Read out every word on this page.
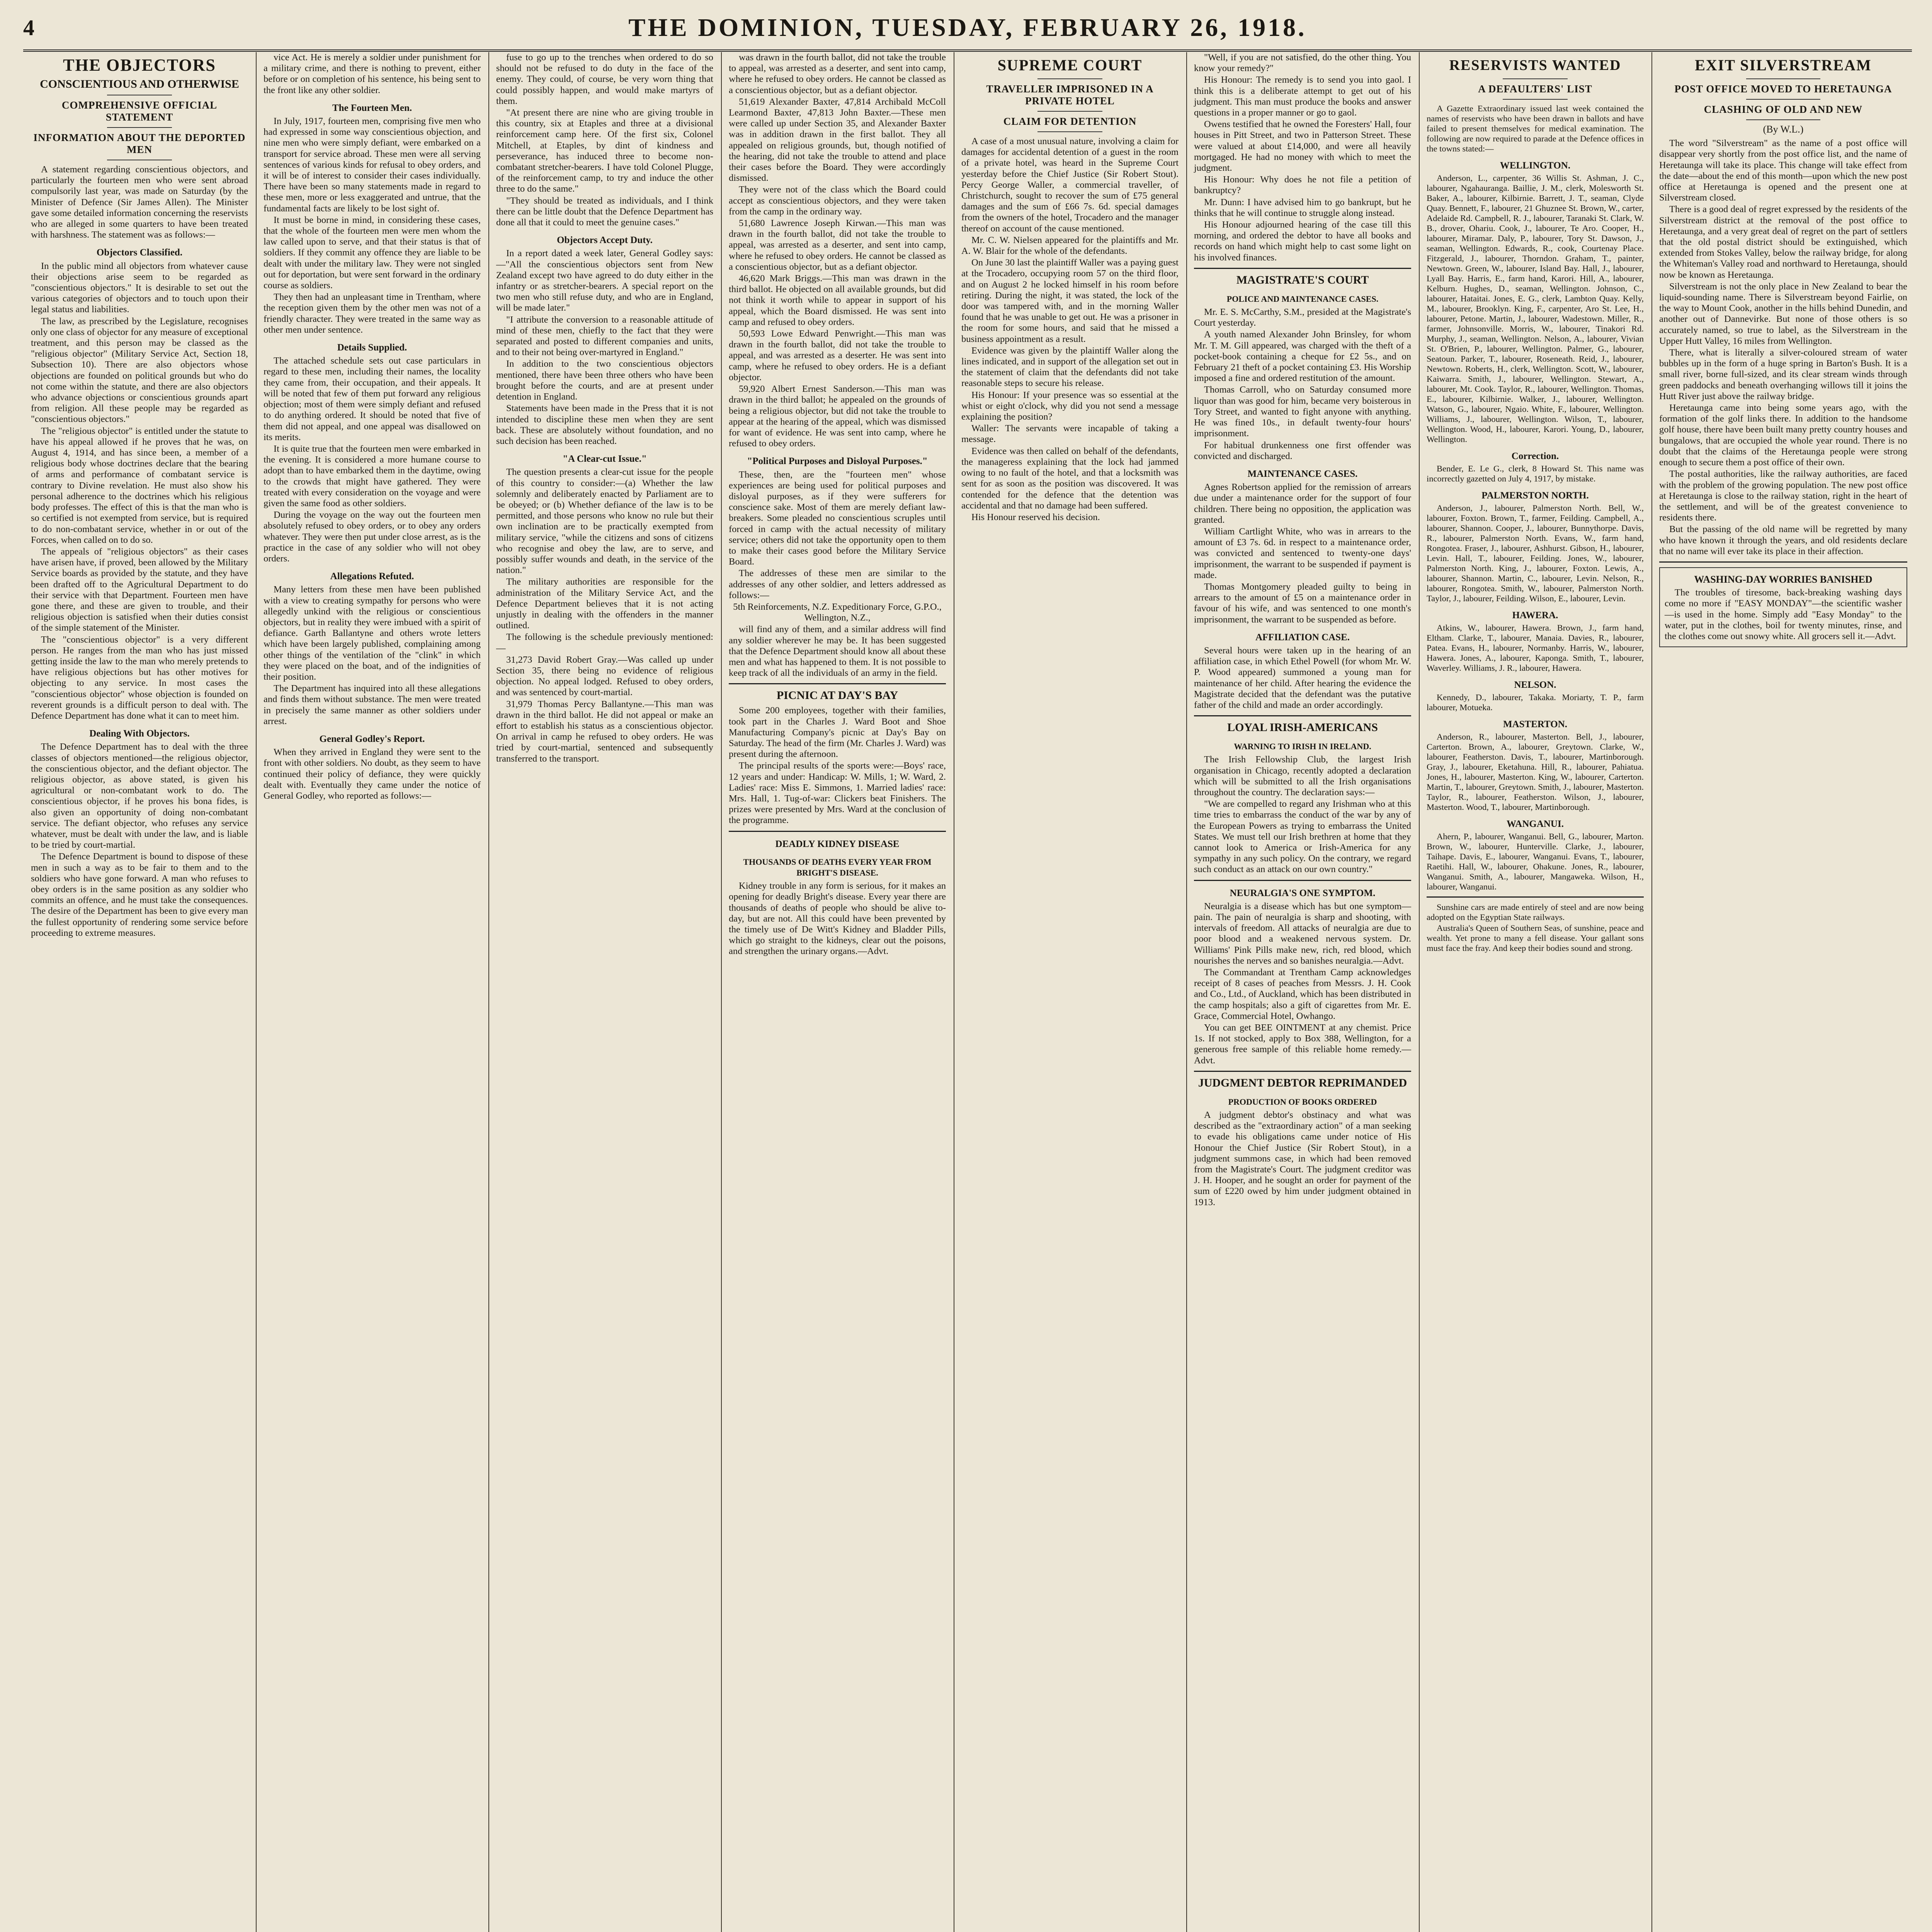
4	THE DOMINION, TUESDAY, FEBRUARY 26, 1918.
THE OBJECTORS
CONSCIENTIOUS AND OTHERWISE
COMPREHENSIVE OFFICIAL STATEMENT
INFORMATION ABOUT THE DEPORTED MEN

A statement regarding conscientious objectors, and particularly the fourteen men who were sent abroad compulsorily last year, was made on Saturday (by the Minister of Defence (Sir James Allen). The Minister gave some detailed information concerning the reservists who are alleged in some quarters to have been treated with harshness. The statement was as follows:—

Objectors Classified.

In the public mind all objectors from whatever cause their objections arise seem to be regarded as "conscientious objectors." It is desirable to set out the various categories of objectors and to touch upon their legal status and liabilities.

The law, as prescribed by the Legislature, recognises only one class of objector for any measure of exceptional treatment, and this person may be classed as the "religious objector" (Military Service Act, Section 18, Subsection 10). There are also objectors whose objections are founded on political grounds but who do not come within the statute, and there are also objectors who advance objections or conscientious grounds apart from religion. All these people may be regarded as "conscientious objectors."

The "religious objector" is entitled under the statute to have his appeal allowed if he proves that he was, on August 4, 1914, and has since been, a member of a religious body whose doctrines declare that the bearing of arms and performance of combatant service is contrary to Divine revelation. He must also show his personal adherence to the doctrines which his religious body professes. The effect of this is that the man who is so certified is not exempted from service, but is required to do non-combatant service, whether in or out of the Forces, when called on to do so.

The appeals of "religious objectors" as their cases have arisen have, if proved, been allowed by the Military Service boards as provided by the statute, and they have been drafted off to the Agricultural Department to do their service with that Department. Fourteen men have gone there, and these are given to trouble, and their religious objection is satisfied when their duties consist of the simple statement of the Minister.

The "conscientious objector" is a very different person. He ranges from the man who has just missed getting inside the law to the man who merely pretends to have religious objections but has other motives for objecting to any service. In most cases the "conscientious objector" whose objection is founded on reverent grounds is a difficult person to deal with. The Defence Department has done what it can to meet him.

Dealing With Objectors.

The Defence Department has to deal with the three classes of objectors mentioned—the religious objector, the conscientious objector, and the defiant objector. The religious objector, as above stated, is given his agricultural or non-combatant work to do. The conscientious objector, if he proves his bona fides, is also given an opportunity of doing non-combatant service. The defiant objector, who refuses any service whatever, must be dealt with under the law, and is liable to be tried by court-martial.

The Defence Department is bound to dispose of these men in such a way as to be fair to them and to the soldiers who have gone forward. A man who refuses to obey orders is in the same position as any soldier who commits an offence, and he must take the consequences. The desire of the Department has been to give every man the fullest opportunity of rendering some service before proceeding to extreme measures.

vice Act. He is merely a soldier under punishment for a military crime, and there is nothing to prevent, either before or on completion of his sentence, his being sent to the front like any other soldier.

The Fourteen Men.

In July, 1917, fourteen men, comprising five men who had expressed in some way conscientious objection, and nine men who were simply defiant, were embarked on a transport for service abroad. These men were all serving sentences of various kinds for refusal to obey orders, and it will be of interest to consider their cases individually. There have been so many statements made in regard to these men, more or less exaggerated and untrue, that the fundamental facts are likely to be lost sight of.

It must be borne in mind, in considering these cases, that the whole of the fourteen men were men whom the law called upon to serve, and that their status is that of soldiers. If they commit any offence they are liable to be dealt with under the military law. They were not singled out for deportation, but were sent forward in the ordinary course as soldiers.

They then had an unpleasant time in Trentham, where the reception given them by the other men was not of a friendly character. They were treated in the same way as other men under sentence.

Details Supplied.

The attached schedule sets out case particulars in regard to these men, including their names, the locality they came from, their occupation, and their appeals. It will be noted that few of them put forward any religious objection; most of them were simply defiant and refused to do anything ordered. It should be noted that five of them did not appeal, and one appeal was disallowed on its merits.

It is quite true that the fourteen men were embarked in the evening. It is considered a more humane course to adopt than to have embarked them in the daytime, owing to the crowds that might have gathered. They were treated with every consideration on the voyage and were given the same food as other soldiers.

During the voyage on the way out the fourteen men absolutely refused to obey orders, or to obey any orders whatever. They were then put under close arrest, as is the practice in the case of any soldier who will not obey orders.

Allegations Refuted.

Many letters from these men have been published with a view to creating sympathy for persons who were allegedly unkind with the religious or conscientious objectors, but in reality they were imbued with a spirit of defiance. Garth Ballantyne and others wrote letters which have been largely published, complaining among other things of the ventilation of the "clink" in which they were placed on the boat, and of the indignities of their position.

The Department has inquired into all these allegations and finds them without substance. The men were treated in precisely the same manner as other soldiers under arrest.

General Godley's Report.

When they arrived in England they were sent to the front with other soldiers. No doubt, as they seem to have continued their policy of defiance, they were quickly dealt with. Eventually they came under the notice of General Godley, who reported as follows:—

fuse to go up to the trenches when ordered to do so should not be refused to do duty in the face of the enemy. They could, of course, be very worn thing that could possibly happen, and would make martyrs of them.

"At present there are nine who are giving trouble in this country, six at Etaples and three at a divisional reinforcement camp here. Of the first six, Colonel Mitchell, at Etaples, by dint of kindness and perseverance, has induced three to become non-combatant stretcher-bearers. I have told Colonel Plugge, of the reinforcement camp, to try and induce the other three to do the same."

"They should be treated as individuals, and I think there can be little doubt that the Defence Department has done all that it could to meet the genuine cases."

Objectors Accept Duty.

In a report dated a week later, General Godley says:—"All the conscientious objectors sent from New Zealand except two have agreed to do duty either in the infantry or as stretcher-bearers. A special report on the two men who still refuse duty, and who are in England, will be made later."

"I attribute the conversion to a reasonable attitude of mind of these men, chiefly to the fact that they were separated and posted to different companies and units, and to their not being over-martyred in England."

In addition to the two conscientious objectors mentioned, there have been three others who have been brought before the courts, and are at present under detention in England.

Statements have been made in the Press that it is not intended to discipline these men when they are sent back. These are absolutely without foundation, and no such decision has been reached.

"A Clear-cut Issue."

The question presents a clear-cut issue for the people of this country to consider:—(a) Whether the law solemnly and deliberately enacted by Parliament are to be obeyed; or (b) Whether defiance of the law is to be permitted, and those persons who know no rule but their own inclination are to be practically exempted from military service, "while the citizens and sons of citizens who recognise and obey the law, are to serve, and possibly suffer wounds and death, in the service of the nation."

The military authorities are responsible for the administration of the Military Service Act, and the Defence Department believes that it is not acting unjustly in dealing with the offenders in the manner outlined.

The following is the schedule previously mentioned:—

31,273 David Robert Gray.—Was called up under Section 35, there being no evidence of religious objection. No appeal lodged. Refused to obey orders, and was sentenced by court-martial.

31,979 Thomas Percy Ballantyne.—This man was drawn in the third ballot. He did not appeal or make an effort to establish his status as a conscientious objector. On arrival in camp he refused to obey orders. He was tried by court-martial, sentenced and subsequently transferred to the transport.

was drawn in the fourth ballot, did not take the trouble to appeal, was arrested as a deserter, and sent into camp, where he refused to obey orders. He cannot be classed as a conscientious objector, but as a defiant objector.

51,619 Alexander Baxter, 47,814 Archibald McColl Learmond Baxter, 47,813 John Baxter.—These men were called up under Section 35, and Alexander Baxter was in addition drawn in the first ballot. They all appealed on religious grounds, but, though notified of the hearing, did not take the trouble to attend and place their cases before the Board. They were accordingly dismissed.

They were not of the class which the Board could accept as conscientious objectors, and they were taken from the camp in the ordinary way.

51,680 Lawrence Joseph Kirwan.—This man was drawn in the fourth ballot, did not take the trouble to appeal, was arrested as a deserter, and sent into camp, where he refused to obey orders. He cannot be classed as a conscientious objector, but as a defiant objector.

46,620 Mark Briggs.—This man was drawn in the third ballot. He objected on all available grounds, but did not think it worth while to appear in support of his appeal, which the Board dismissed. He was sent into camp and refused to obey orders.

50,593 Lowe Edward Penwright.—This man was drawn in the fourth ballot, did not take the trouble to appeal, and was arrested as a deserter. He was sent into camp, where he refused to obey orders. He is a defiant objector.

59,920 Albert Ernest Sanderson.—This man was drawn in the third ballot; he appealed on the grounds of being a religious objector, but did not take the trouble to appear at the hearing of the appeal, which was dismissed for want of evidence. He was sent into camp, where he refused to obey orders.

"Political Purposes and Disloyal Purposes."

These, then, are the "fourteen men" whose experiences are being used for political purposes and disloyal purposes, as if they were sufferers for conscience sake. Most of them are merely defiant law-breakers. Some pleaded no conscientious scruples until forced in camp with the actual necessity of military service; others did not take the opportunity open to them to make their cases good before the Military Service Board.

The addresses of these men are similar to the addresses of any other soldier, and letters addressed as follows:—

5th Reinforcements, N.Z. Expeditionary Force, G.P.O., Wellington, N.Z.,

will find any of them, and a similar address will find any soldier wherever he may be. It has been suggested that the Defence Department should know all about these men and what has happened to them. It is not possible to keep track of all the individuals of an army in the field.

PICNIC AT DAY'S BAY

Some 200 employees, together with their families, took part in the Charles J. Ward Boot and Shoe Manufacturing Company's picnic at Day's Bay on Saturday. The head of the firm (Mr. Charles J. Ward) was present during the afternoon.

The principal results of the sports were:—Boys' race, 12 years and under: Handicap: W. Mills, 1; W. Ward, 2. Ladies' race: Miss E. Simmons, 1. Married ladies' race: Mrs. Hall, 1. Tug-of-war: Clickers beat Finishers. The prizes were presented by Mrs. Ward at the conclusion of the programme.

DEADLY KIDNEY DISEASE
THOUSANDS OF DEATHS EVERY YEAR FROM BRIGHT'S DISEASE.

Kidney trouble in any form is serious, for it makes an opening for deadly Bright's disease. Every year there are thousands of deaths of people who should be alive to-day, but are not. All this could have been prevented by the timely use of De Witt's Kidney and Bladder Pills, which go straight to the kidneys, clear out the poisons, and strengthen the urinary organs.—Advt.

SUPREME COURT
TRAVELLER IMPRISONED IN A PRIVATE HOTEL
CLAIM FOR DETENTION

A case of a most unusual nature, involving a claim for damages for accidental detention of a guest in the room of a private hotel, was heard in the Supreme Court yesterday before the Chief Justice (Sir Robert Stout). Percy George Waller, a commercial traveller, of Christchurch, sought to recover the sum of £75 general damages and the sum of £66 7s. 6d. special damages from the owners of the hotel, Trocadero and the manager thereof on account of the cause mentioned.

Mr. C. W. Nielsen appeared for the plaintiffs and Mr. A. W. Blair for the whole of the defendants.

On June 30 last the plaintiff Waller was a paying guest at the Trocadero, occupying room 57 on the third floor, and on August 2 he locked himself in his room before retiring. During the night, it was stated, the lock of the door was tampered with, and in the morning Waller found that he was unable to get out. He was a prisoner in the room for some hours, and said that he missed a business appointment as a result.

Evidence was given by the plaintiff Waller along the lines indicated, and in support of the allegation set out in the statement of claim that the defendants did not take reasonable steps to secure his release.

His Honour: If your presence was so essential at the whist or eight o'clock, why did you not send a message explaining the position?

Waller: The servants were incapable of taking a message.

Evidence was then called on behalf of the defendants, the manageress explaining that the lock had jammed owing to no fault of the hotel, and that a locksmith was sent for as soon as the position was discovered. It was contended for the defence that the detention was accidental and that no damage had been suffered.

His Honour reserved his decision.

"Well, if you are not satisfied, do the other thing. You know your remedy?"

His Honour: The remedy is to send you into gaol. I think this is a deliberate attempt to get out of his judgment. This man must produce the books and answer questions in a proper manner or go to gaol.

Owens testified that he owned the Foresters' Hall, four houses in Pitt Street, and two in Patterson Street. These were valued at about £14,000, and were all heavily mortgaged. He had no money with which to meet the judgment.

His Honour: Why does he not file a petition of bankruptcy?

Mr. Dunn: I have advised him to go bankrupt, but he thinks that he will continue to struggle along instead.

His Honour adjourned hearing of the case till this morning, and ordered the debtor to have all books and records on hand which might help to cast some light on his involved finances.

MAGISTRATE'S COURT
POLICE AND MAINTENANCE CASES.

Mr. E. S. McCarthy, S.M., presided at the Magistrate's Court yesterday.

A youth named Alexander John Brinsley, for whom Mr. T. M. Gill appeared, was charged with the theft of a pocket-book containing a cheque for £2 5s., and on February 21 theft of a pocket containing £3. His Worship imposed a fine and ordered restitution of the amount.

Thomas Carroll, who on Saturday consumed more liquor than was good for him, became very boisterous in Tory Street, and wanted to fight anyone with anything. He was fined 10s., in default twenty-four hours' imprisonment.

For habitual drunkenness one first offender was convicted and discharged.

MAINTENANCE CASES.

Agnes Robertson applied for the remission of arrears due under a maintenance order for the support of four children. There being no opposition, the application was granted.

William Cartlight White, who was in arrears to the amount of £3 7s. 6d. in respect to a maintenance order, was convicted and sentenced to twenty-one days' imprisonment, the warrant to be suspended if payment is made.

Thomas Montgomery pleaded guilty to being in arrears to the amount of £5 on a maintenance order in favour of his wife, and was sentenced to one month's imprisonment, the warrant to be suspended as before.

AFFILIATION CASE.

Several hours were taken up in the hearing of an affiliation case, in which Ethel Powell (for whom Mr. W. P. Wood appeared) summoned a young man for maintenance of her child. After hearing the evidence the Magistrate decided that the defendant was the putative father of the child and made an order accordingly.

LOYAL IRISH-AMERICANS
WARNING TO IRISH IN IRELAND.

The Irish Fellowship Club, the largest Irish organisation in Chicago, recently adopted a declaration which will be submitted to all the Irish organisations throughout the country. The declaration says:—

"We are compelled to regard any Irishman who at this time tries to embarrass the conduct of the war by any of the European Powers as trying to embarrass the United States. We must tell our Irish brethren at home that they cannot look to America or Irish-America for any sympathy in any such policy. On the contrary, we regard such conduct as an attack on our own country."

NEURALGIA'S ONE SYMPTOM.

Neuralgia is a disease which has but one symptom—pain. The pain of neuralgia is sharp and shooting, with intervals of freedom. All attacks of neuralgia are due to poor blood and a weakened nervous system. Dr. Williams' Pink Pills make new, rich, red blood, which nourishes the nerves and so banishes neuralgia.—Advt.

The Commandant at Trentham Camp acknowledges receipt of 8 cases of peaches from Messrs. J. H. Cook and Co., Ltd., of Auckland, which has been distributed in the camp hospitals; also a gift of cigarettes from Mr. E. Grace, Commercial Hotel, Owhango.

You can get BEE OINTMENT at any chemist. Price 1s. If not stocked, apply to Box 388, Wellington, for a generous free sample of this reliable home remedy.—Advt.

JUDGMENT DEBTOR REPRIMANDED
PRODUCTION OF BOOKS ORDERED

A judgment debtor's obstinacy and what was described as the "extraordinary action" of a man seeking to evade his obligations came under notice of His Honour the Chief Justice (Sir Robert Stout), in a judgment summons case, in which had been removed from the Magistrate's Court. The judgment creditor was J. H. Hooper, and he sought an order for payment of the sum of £220 owed by him under judgment obtained in 1913.

RESERVISTS WANTED
A DEFAULTERS' LIST

A Gazette Extraordinary issued last week contained the names of reservists who have been drawn in ballots and have failed to present themselves for medical examination. The following are now required to parade at the Defence offices in the towns stated:—

WELLINGTON.

Anderson, L., carpenter, 36 Willis St. Ashman, J. C., labourer, Ngahauranga. Baillie, J. M., clerk, Molesworth St. Baker, A., labourer, Kilbirnie. Barrett, J. T., seaman, Clyde Quay. Bennett, F., labourer, 21 Ghuznee St. Brown, W., carter, Adelaide Rd. Campbell, R. J., labourer, Taranaki St. Clark, W. B., drover, Ohariu. Cook, J., labourer, Te Aro. Cooper, H., labourer, Miramar. Daly, P., labourer, Tory St. Dawson, J., seaman, Wellington. Edwards, R., cook, Courtenay Place. Fitzgerald, J., labourer, Thorndon. Graham, T., painter, Newtown. Green, W., labourer, Island Bay. Hall, J., labourer, Lyall Bay. Harris, E., farm hand, Karori. Hill, A., labourer, Kelburn. Hughes, D., seaman, Wellington. Johnson, C., labourer, Hataitai. Jones, E. G., clerk, Lambton Quay. Kelly, M., labourer, Brooklyn. King, F., carpenter, Aro St. Lee, H., labourer, Petone. Martin, J., labourer, Wadestown. Miller, R., farmer, Johnsonville. Morris, W., labourer, Tinakori Rd. Murphy, J., seaman, Wellington. Nelson, A., labourer, Vivian St. O'Brien, P., labourer, Wellington. Palmer, G., labourer, Seatoun. Parker, T., labourer, Roseneath. Reid, J., labourer, Newtown. Roberts, H., clerk, Wellington. Scott, W., labourer, Kaiwarra. Smith, J., labourer, Wellington. Stewart, A., labourer, Mt. Cook. Taylor, R., labourer, Wellington. Thomas, E., labourer, Kilbirnie. Walker, J., labourer, Wellington. Watson, G., labourer, Ngaio. White, F., labourer, Wellington. Williams, J., labourer, Wellington. Wilson, T., labourer, Wellington. Wood, H., labourer, Karori. Young, D., labourer, Wellington.

Correction.

Bender, E. Le G., clerk, 8 Howard St. This name was incorrectly gazetted on July 4, 1917, by mistake.

PALMERSTON NORTH.

Anderson, J., labourer, Palmerston North. Bell, W., labourer, Foxton. Brown, T., farmer, Feilding. Campbell, A., labourer, Shannon. Cooper, J., labourer, Bunnythorpe. Davis, R., labourer, Palmerston North. Evans, W., farm hand, Rongotea. Fraser, J., labourer, Ashhurst. Gibson, H., labourer, Levin. Hall, T., labourer, Feilding. Jones, W., labourer, Palmerston North. King, J., labourer, Foxton. Lewis, A., labourer, Shannon. Martin, C., labourer, Levin. Nelson, R., labourer, Rongotea. Smith, W., labourer, Palmerston North. Taylor, J., labourer, Feilding. Wilson, E., labourer, Levin.

HAWERA.

Atkins, W., labourer, Hawera. Brown, J., farm hand, Eltham. Clarke, T., labourer, Manaia. Davies, R., labourer, Patea. Evans, H., labourer, Normanby. Harris, W., labourer, Hawera. Jones, A., labourer, Kaponga. Smith, T., labourer, Waverley. Williams, J. R., labourer, Hawera.

NELSON.

Kennedy, D., labourer, Takaka. Moriarty, T. P., farm labourer, Motueka.

MASTERTON.

Anderson, R., labourer, Masterton. Bell, J., labourer, Carterton. Brown, A., labourer, Greytown. Clarke, W., labourer, Featherston. Davis, T., labourer, Martinborough. Gray, J., labourer, Eketahuna. Hill, R., labourer, Pahiatua. Jones, H., labourer, Masterton. King, W., labourer, Carterton. Martin, T., labourer, Greytown. Smith, J., labourer, Masterton. Taylor, R., labourer, Featherston. Wilson, J., labourer, Masterton. Wood, T., labourer, Martinborough.

WANGANUI.

Ahern, P., labourer, Wanganui. Bell, G., labourer, Marton. Brown, W., labourer, Hunterville. Clarke, J., labourer, Taihape. Davis, E., labourer, Wanganui. Evans, T., labourer, Raetihi. Hall, W., labourer, Ohakune. Jones, R., labourer, Wanganui. Smith, A., labourer, Mangaweka. Wilson, H., labourer, Wanganui.

Sunshine cars are made entirely of steel and are now being adopted on the Egyptian State railways.

Australia's Queen of Southern Seas, of sunshine, peace and wealth. Yet prone to many a fell disease. Your gallant sons must face the fray. And keep their bodies sound and strong.

EXIT SILVERSTREAM
POST OFFICE MOVED TO HERETAUNGA
CLASHING OF OLD AND NEW
(By W.L.)

The word "Silverstream" as the name of a post office will disappear very shortly from the post office list, and the name of Heretaunga will take its place. This change will take effect from the date—about the end of this month—upon which the new post office at Heretaunga is opened and the present one at Silverstream closed.

There is a good deal of regret expressed by the residents of the Silverstream district at the removal of the post office to Heretaunga, and a very great deal of regret on the part of settlers that the old postal district should be extinguished, which extended from Stokes Valley, below the railway bridge, for along the Whiteman's Valley road and northward to Heretaunga, should now be known as Heretaunga.

Silverstream is not the only place in New Zealand to bear the liquid-sounding name. There is Silverstream beyond Fairlie, on the way to Mount Cook, another in the hills behind Dunedin, and another out of Dannevirke. But none of those others is so accurately named, so true to label, as the Silverstream in the Upper Hutt Valley, 16 miles from Wellington.

There, what is literally a silver-coloured stream of water bubbles up in the form of a huge spring in Barton's Bush. It is a small river, borne full-sized, and its clear stream winds through green paddocks and beneath overhanging willows till it joins the Hutt River just above the railway bridge.

Heretaunga came into being some years ago, with the formation of the golf links there. In addition to the handsome golf house, there have been built many pretty country houses and bungalows, that are occupied the whole year round. There is no doubt that the claims of the Heretaunga people were strong enough to secure them a post office of their own.

The postal authorities, like the railway authorities, are faced with the problem of the growing population. The new post office at Heretaunga is close to the railway station, right in the heart of the settlement, and will be of the greatest convenience to residents there.

But the passing of the old name will be regretted by many who have known it through the years, and old residents declare that no name will ever take its place in their affection.

WASHING-DAY WORRIES BANISHED

The troubles of tiresome, back-breaking washing days come no more if "EASY MONDAY"—the scientific washer—is used in the home. Simply add "Easy Monday" to the water, put in the clothes, boil for twenty minutes, rinse, and the clothes come out snowy white. All grocers sell it.—Advt.
